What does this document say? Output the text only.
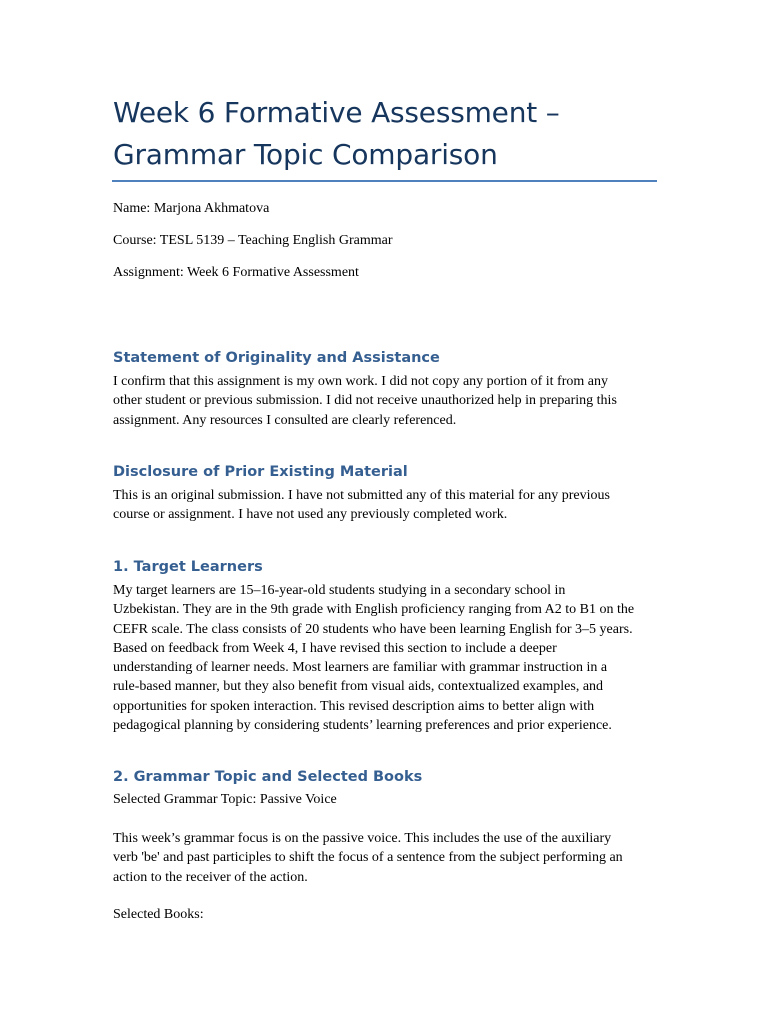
Week 6 Formative Assessment –
Grammar Topic Comparison

Name: Marjona Akhmatova

Course: TESL 5139 – Teaching English Grammar

Assignment: Week 6 Formative Assessment

Statement of Originality and Assistance
I confirm that this assignment is my own work. I did not copy any portion of it from any
other student or previous submission. I did not receive unauthorized help in preparing this
assignment. Any resources I consulted are clearly referenced.
Disclosure of Prior Existing Material
This is an original submission. I have not submitted any of this material for any previous
course or assignment. I have not used any previously completed work.
1. Target Learners
My target learners are 15–16-year-old students studying in a secondary school in
Uzbekistan. They are in the 9th grade with English proficiency ranging from A2 to B1 on the
CEFR scale. The class consists of 20 students who have been learning English for 3–5 years.
Based on feedback from Week 4, I have revised this section to include a deeper
understanding of learner needs. Most learners are familiar with grammar instruction in a
rule-based manner, but they also benefit from visual aids, contextualized examples, and
opportunities for spoken interaction. This revised description aims to better align with
pedagogical planning by considering students’ learning preferences and prior experience.
2. Grammar Topic and Selected Books

Selected Grammar Topic: Passive Voice

This week’s grammar focus is on the passive voice. This includes the use of the auxiliary
verb 'be' and past participles to shift the focus of a sentence from the subject performing an
action to the receiver of the action.

Selected Books:
